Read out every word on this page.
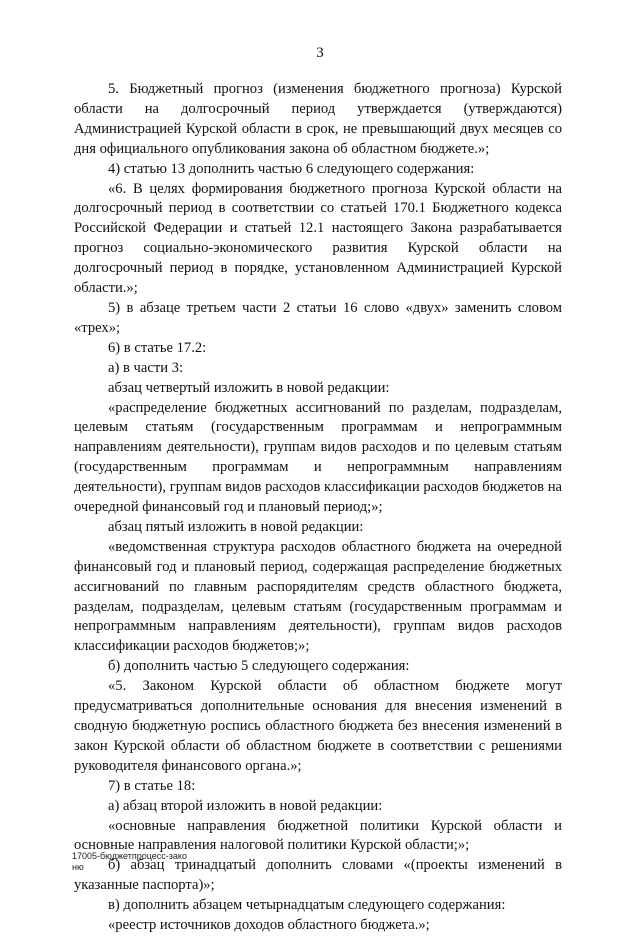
3

5. Бюджетный прогноз (изменения бюджетного прогноза) Курской области на долгосрочный период утверждается (утверждаются) Администрацией Курской области в срок, не превышающий двух месяцев со дня официального опубликования закона об областном бюджете.»;

4) статью 13 дополнить частью 6 следующего содержания:

«6. В целях формирования бюджетного прогноза Курской области на долгосрочный период в соответствии со статьей 170.1 Бюджетного кодекса Российской Федерации и статьей 12.1 настоящего Закона разрабатывается прогноз социально-экономического развития Курской области на долгосрочный период в порядке, установленном Администрацией Курской области.»;

5) в абзаце третьем части 2 статьи 16 слово «двух» заменить словом «трех»;

6) в статье 17.2:

а) в части 3:

абзац четвертый изложить в новой редакции:

«распределение бюджетных ассигнований по разделам, подразделам, целевым статьям (государственным программам и непрограммным направлениям деятельности), группам видов расходов и по целевым статьям (государственным программам и непрограммным направлениям деятельности), группам видов расходов классификации расходов бюджетов на очередной финансовый год и плановый период;»;

абзац пятый изложить в новой редакции:

«ведомственная структура расходов областного бюджета на очередной финансовый год и плановый период, содержащая распределение бюджетных ассигнований по главным распорядителям средств областного бюджета, разделам, подразделам, целевым статьям (государственным программам и непрограммным направлениям деятельности), группам видов расходов классификации расходов бюджетов;»;

б) дополнить частью 5 следующего содержания:

«5. Законом Курской области об областном бюджете могут предусматриваться дополнительные основания для внесения изменений в сводную бюджетную роспись областного бюджета без внесения изменений в закон Курской области об областном бюджете в соответствии с решениями руководителя финансового органа.»;

7) в статье 18:

а) абзац второй изложить в новой редакции:

«основные направления бюджетной политики Курской области и основные направления налоговой политики Курской области;»;

б) абзац тринадцатый дополнить словами «(проекты изменений в указанные паспорта)»;

в) дополнить абзацем четырнадцатым следующего содержания:

«реестр источников доходов областного бюджета.»;

17005-бюджетпроцесс-зако
ню
